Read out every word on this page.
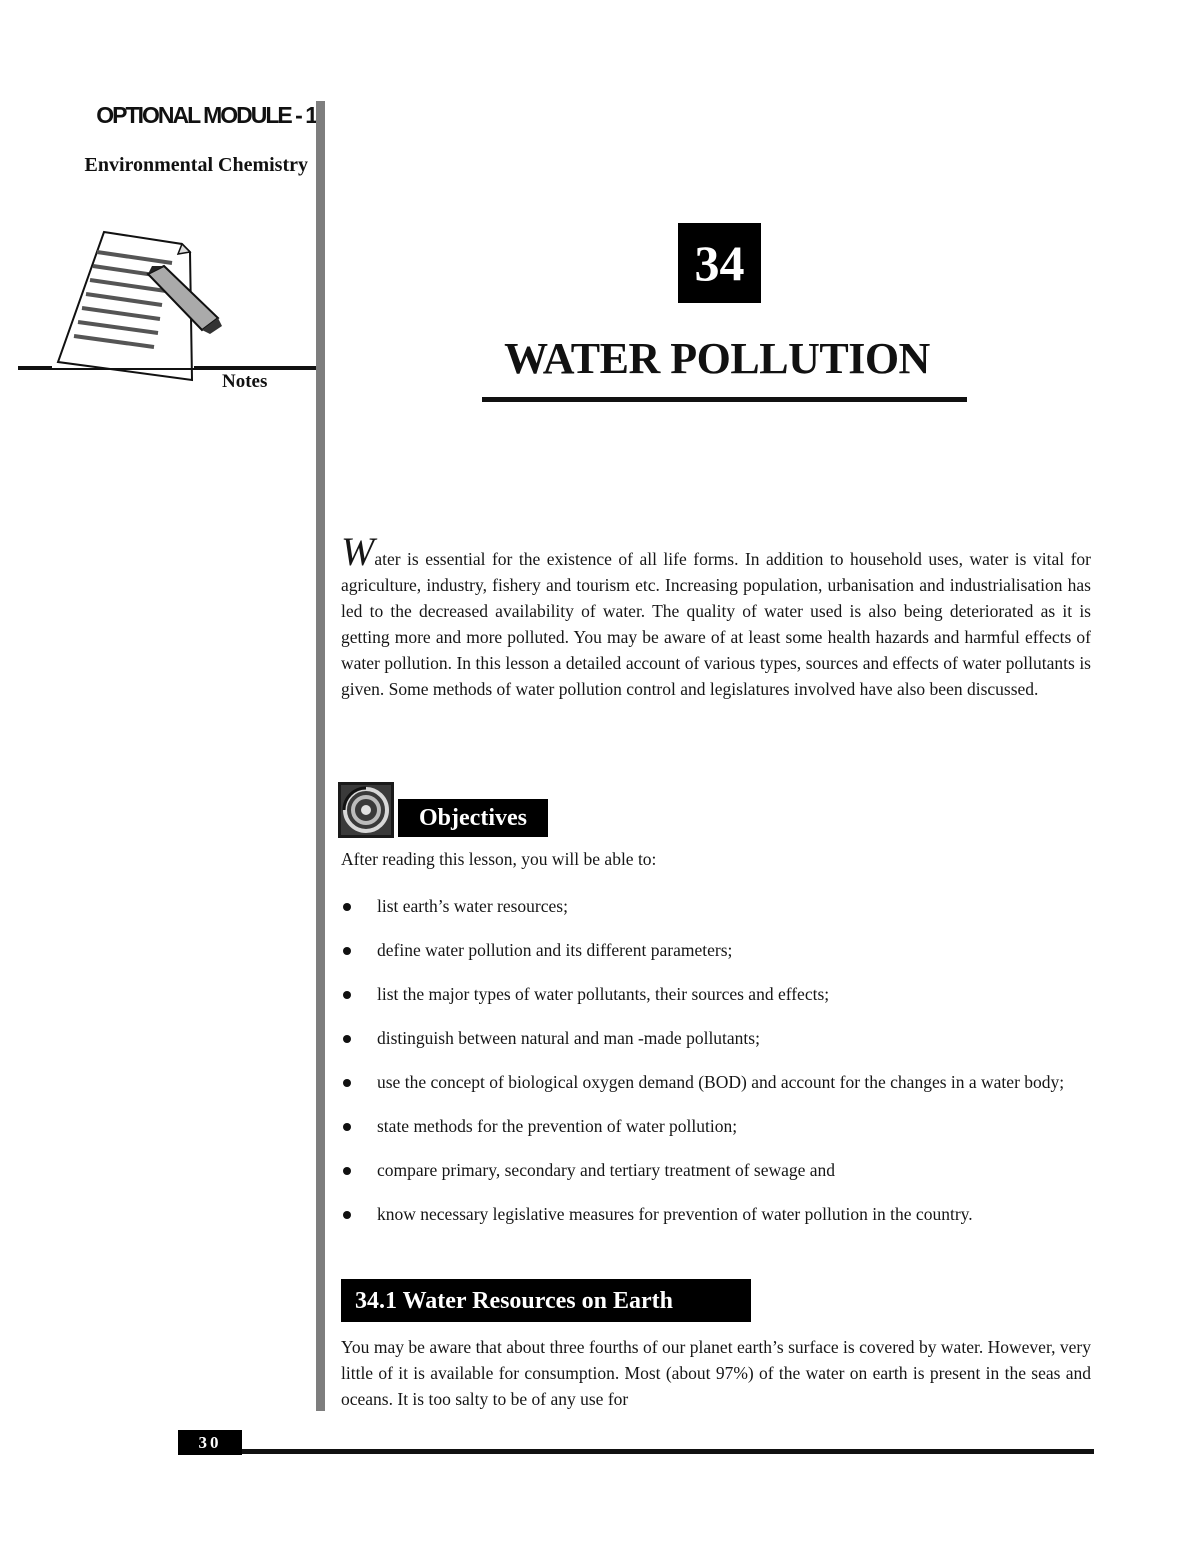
OPTIONAL MODULE - 1
Environmental Chemistry
Notes
34
WATER POLLUTION
Water is essential for the existence of all life forms. In addition to household uses, water is vital for agriculture, industry, fishery and tourism etc. Increasing population, urbanisation and industrialisation has led to the decreased availability of water. The quality of water used is also being deteriorated as it is getting more and more polluted. You may be aware of at least some health hazards and harmful effects of water pollution. In this lesson a detailed account of various types, sources and effects of water pollutants is given. Some methods of water pollution control and legislatures involved have also been discussed.
Objectives
After reading this lesson, you will be able to:
list earth’s water resources;
define water pollution and its different parameters;
list the major types of water pollutants, their sources and effects;
distinguish between natural and man -made pollutants;
use the concept of biological oxygen demand (BOD) and account for the changes in a water body;
state methods for the prevention of water pollution;
compare primary, secondary and tertiary treatment of sewage and
know necessary legislative measures for prevention of water pollution in the country.
34.1 Water Resources on Earth
You may be aware that about three fourths of our planet earth’s surface is covered by water. However, very little of it is available for consumption. Most (about 97%) of the water on earth is present in the seas and oceans. It is too salty to be of any use for
30
